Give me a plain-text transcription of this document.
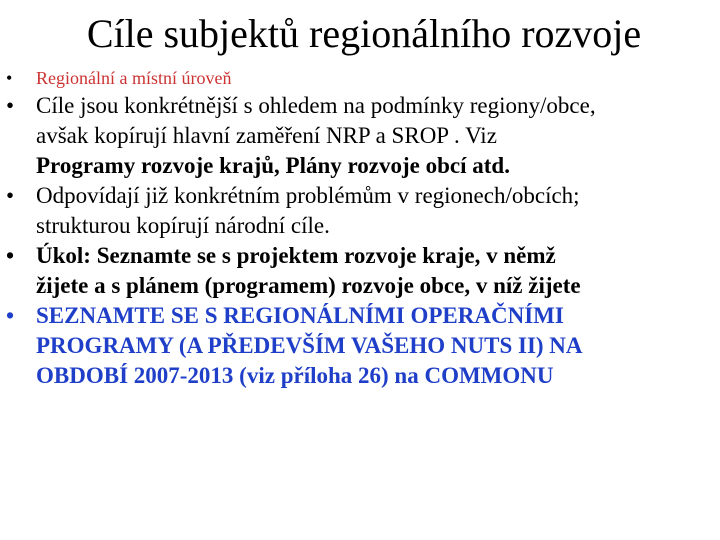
Cíle subjektů regionálního rozvoje
•	Regionální a místní úroveň
• Cíle jsou konkrétnější s ohledem na podmínky regiony/obce,
avšak kopírují hlavní zaměření NRP a SROP . Viz
Programy rozvoje krajů, Plány rozvoje obcí atd.
• Odpovídají již konkrétním problémům v regionech/obcích;
strukturou kopírují národní cíle.
• Úkol: Seznamte se s projektem rozvoje kraje, v němž
žijete a s plánem (programem) rozvoje obce, v níž žijete
• SEZNAMTE SE S REGIONÁLNÍMI OPERAČNÍMI
PROGRAMY (A PŘEDEVŠÍM VAŠEHO NUTS II) NA
OBDOBÍ 2007-2013 (viz příloha 26) na COMMONU
